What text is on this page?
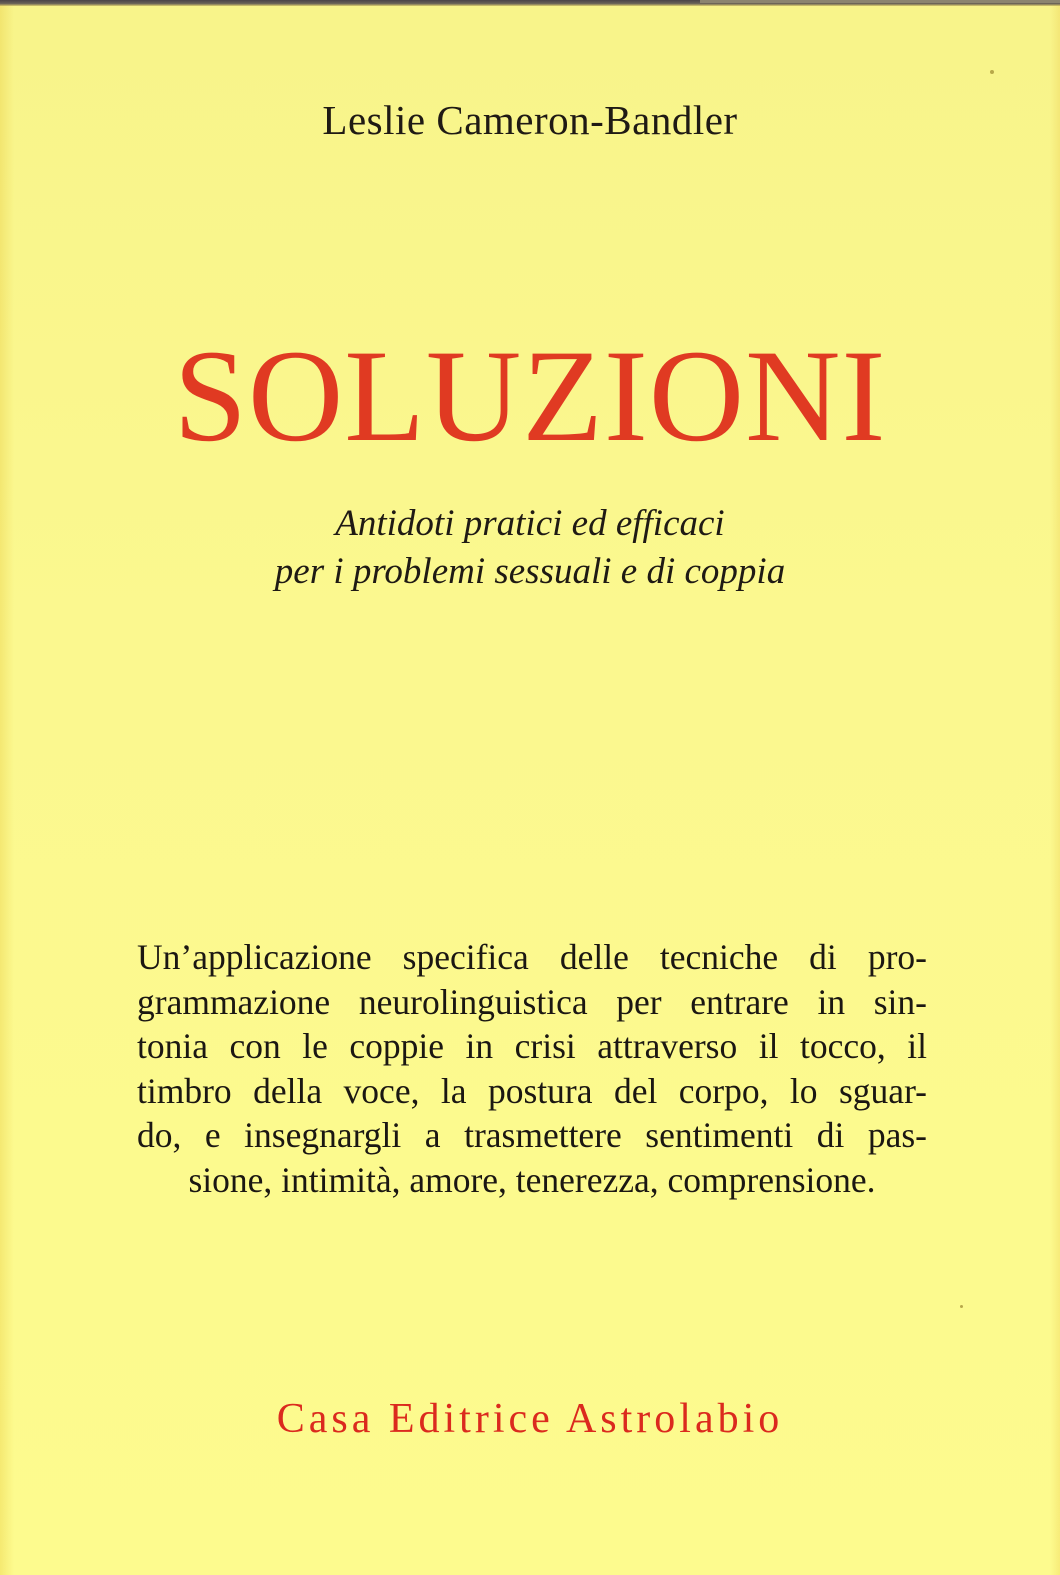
Leslie Cameron-Bandler
SOLUZIONI
Antidoti pratici ed efficaci
per i problemi sessuali e di coppia
Un’applicazione specifica delle tecniche di pro-
grammazione neurolinguistica per entrare in sin-
tonia con le coppie in crisi attraverso il tocco, il
timbro della voce, la postura del corpo, lo sguar-
do, e insegnargli a trasmettere sentimenti di pas-
sione, intimità, amore, tenerezza, comprensione.
Casa Editrice Astrolabio
